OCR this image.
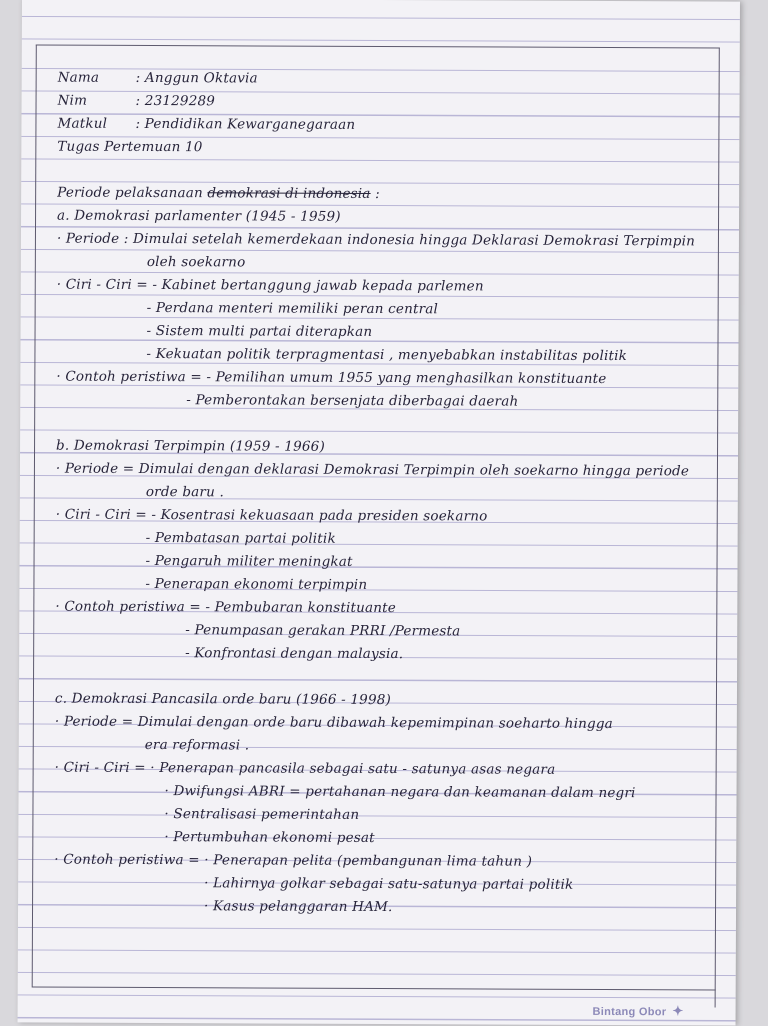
Nama	: Anggun Oktavia
Nim	: 23129289
Matkul : Pendidikan Kewarganegaraan
Tugas Pertemuan 10
Periode pelaksanaan demokrasi di indonesia :
a. Demokrasi parlamenter (1945 - 1959)
· Periode : Dimulai setelah kemerdekaan indonesia hingga Deklarasi Demokrasi Terpimpin
oleh soekarno
· Ciri - Ciri = - Kabinet bertanggung jawab kepada parlemen
- Perdana menteri memiliki peran central
- Sistem multi partai diterapkan
- Kekuatan politik terpragmentasi , menyebabkan instabilitas politik
· Contoh peristiwa = - Pemilihan umum 1955 yang menghasilkan konstituante
- Pemberontakan bersenjata diberbagai daerah
b. Demokrasi Terpimpin (1959 - 1966)
· Periode = Dimulai dengan deklarasi Demokrasi Terpimpin oleh soekarno hingga periode
orde baru .
· Ciri - Ciri = - Kosentrasi kekuasaan pada presiden soekarno
- Pembatasan partai politik
- Pengaruh militer meningkat
- Penerapan ekonomi terpimpin
· Contoh peristiwa = - Pembubaran konstituante
- Penumpasan gerakan PRRI /Permesta
- Konfrontasi dengan malaysia.
c. Demokrasi Pancasila orde baru (1966 - 1998)
· Periode = Dimulai dengan orde baru dibawah kepemimpinan soeharto hingga
era reformasi .
· Ciri - Ciri = · Penerapan pancasila sebagai satu - satunya asas negara
· Dwifungsi ABRI = pertahanan negara dan keamanan dalam negri
· Sentralisasi pemerintahan
· Pertumbuhan ekonomi pesat
· Contoh peristiwa = · Penerapan pelita (pembangunan lima tahun )
· Lahirnya golkar sebagai satu-satunya partai politik
· Kasus pelanggaran HAM.
Bintang Obor ✦
